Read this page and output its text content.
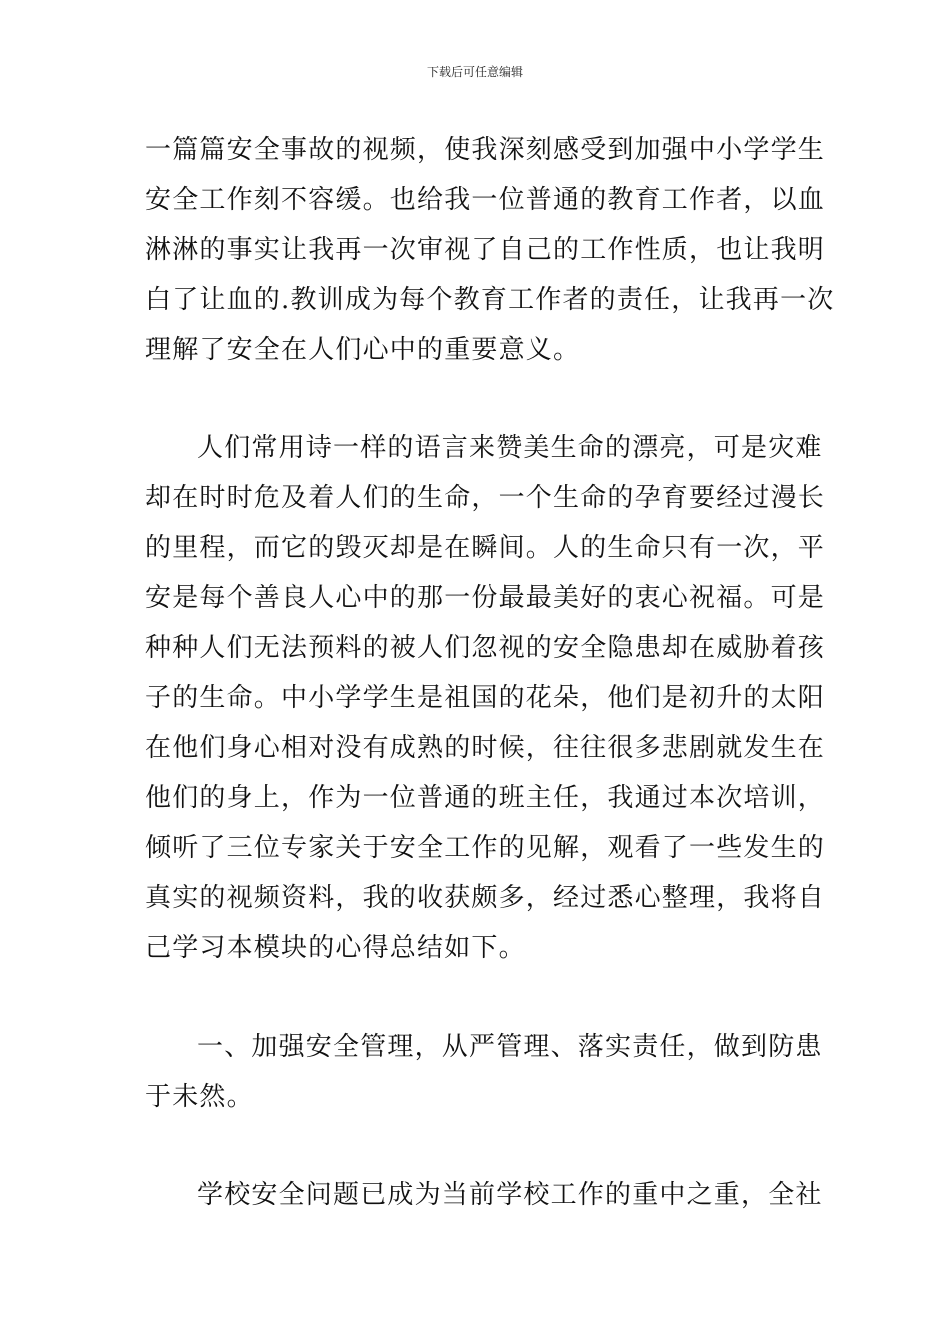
下载后可任意编辑
一篇篇安全事故的视频，使我深刻感受到加强中小学学生
安全工作刻不容缓。也给我一位普通的教育工作者，以血
淋淋的事实让我再一次审视了自己的工作性质，也让我明
白了让血的.教训成为每个教育工作者的责任，让我再一次
理解了安全在人们心中的重要意义。
人们常用诗一样的语言来赞美生命的漂亮，可是灾难
却在时时危及着人们的生命，一个生命的孕育要经过漫长
的里程，而它的毁灭却是在瞬间。人的生命只有一次，平
安是每个善良人心中的那一份最最美好的衷心祝福。可是
种种人们无法预料的被人们忽视的安全隐患却在威胁着孩
子的生命。中小学学生是祖国的花朵，他们是初升的太阳
在他们身心相对没有成熟的时候，往往很多悲剧就发生在
他们的身上，作为一位普通的班主任，我通过本次培训，
倾听了三位专家关于安全工作的见解，观看了一些发生的
真实的视频资料，我的收获颇多，经过悉心整理，我将自
己学习本模块的心得总结如下。
一、加强安全管理，从严管理、落实责任，做到防患
于未然。
学校安全问题已成为当前学校工作的重中之重，全社
